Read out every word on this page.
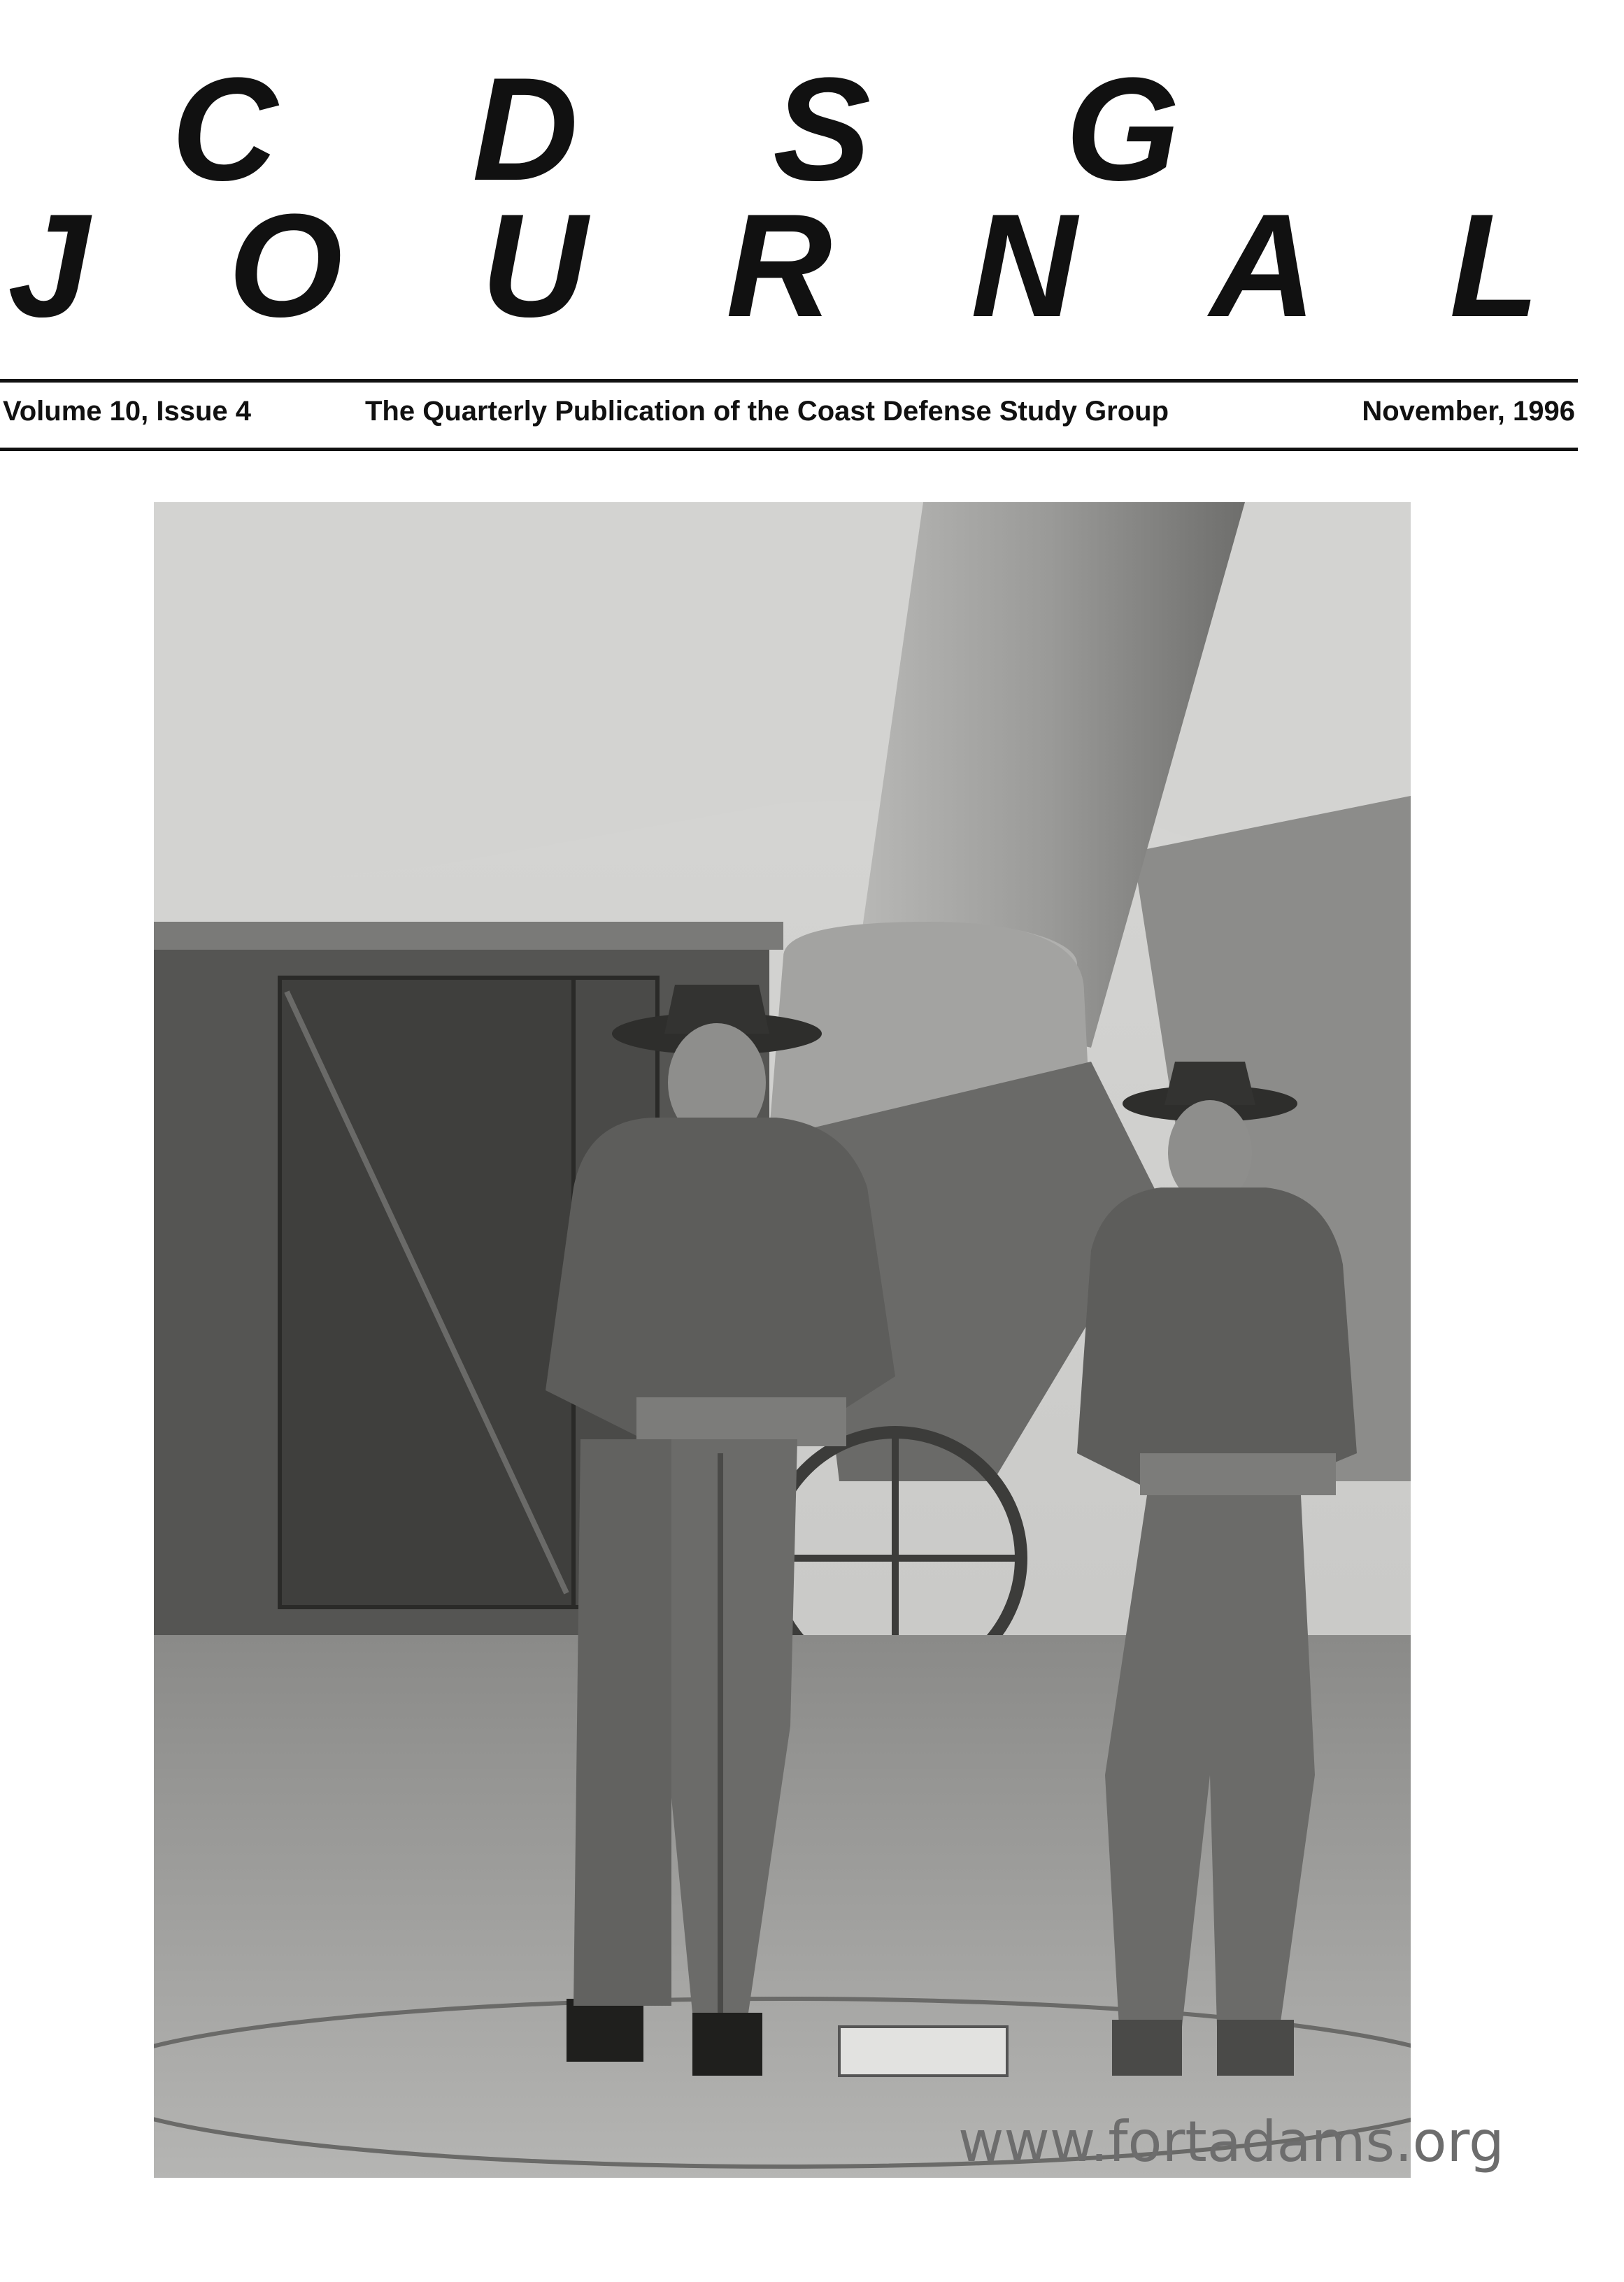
C D S G
J O U R N A L
Volume 10, Issue 4	The Quarterly Publication of the Coast Defense Study Group	November, 1996
www.fortadams.org
